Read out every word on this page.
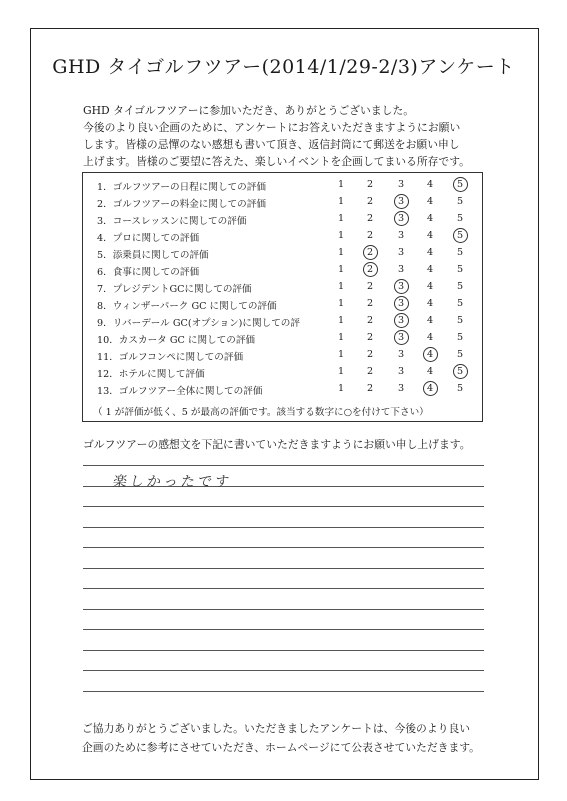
GHD タイゴルフツアー(2014/1/29-2/3)アンケート
GHD タイゴルフツアーに参加いただき、ありがとうございました。
今後のより良い企画のために、アンケートにお答えいただきますようにお願い
します。皆様の忌憚のない感想も書いて頂き、返信封筒にて郵送をお願い申し
上げます。皆様のご要望に答えた、楽しいイベントを企画してまいる所存です。
（ 1 が評価が低く、5 が最高の評価です。該当する数字に○を付けて下さい）
1．ゴルフツアーの日程に関しての評価	1	2	3	4	5
2．ゴルフツアーの料金に関しての評価	1	2	3	4	5
3．コースレッスンに関しての評価	1	2	3	4	5
4．プロに関しての評価	1	2	3	4	5
5．添乗員に関しての評価	1	2	3	4	5
6．食事に関しての評価	1	2	3	4	5
7．プレジデントGCに関しての評価	1	2	3	4	5
8．ウィンザーパーク GC に関しての評価	1	2	3	4	5
9．リバーデール GC(オプション)に関しての評	1	2	3	4	5
10．カスカータ GC に関しての評価	1	2	3	4	5
11．ゴルフコンペに関しての評価	1	2	3	4	5
12．ホテルに関して評価	1	2	3	4	5
13．ゴルフツアー全体に関しての評価	1	2	3	4	5
ゴルフツアーの感想文を下記に書いていただきますようにお願い申し上げます。
楽しかったです
ご協力ありがとうございました。いただきましたアンケートは、今後のより良い
企画のために参考にさせていただき、ホームページにて公表させていただきます。
